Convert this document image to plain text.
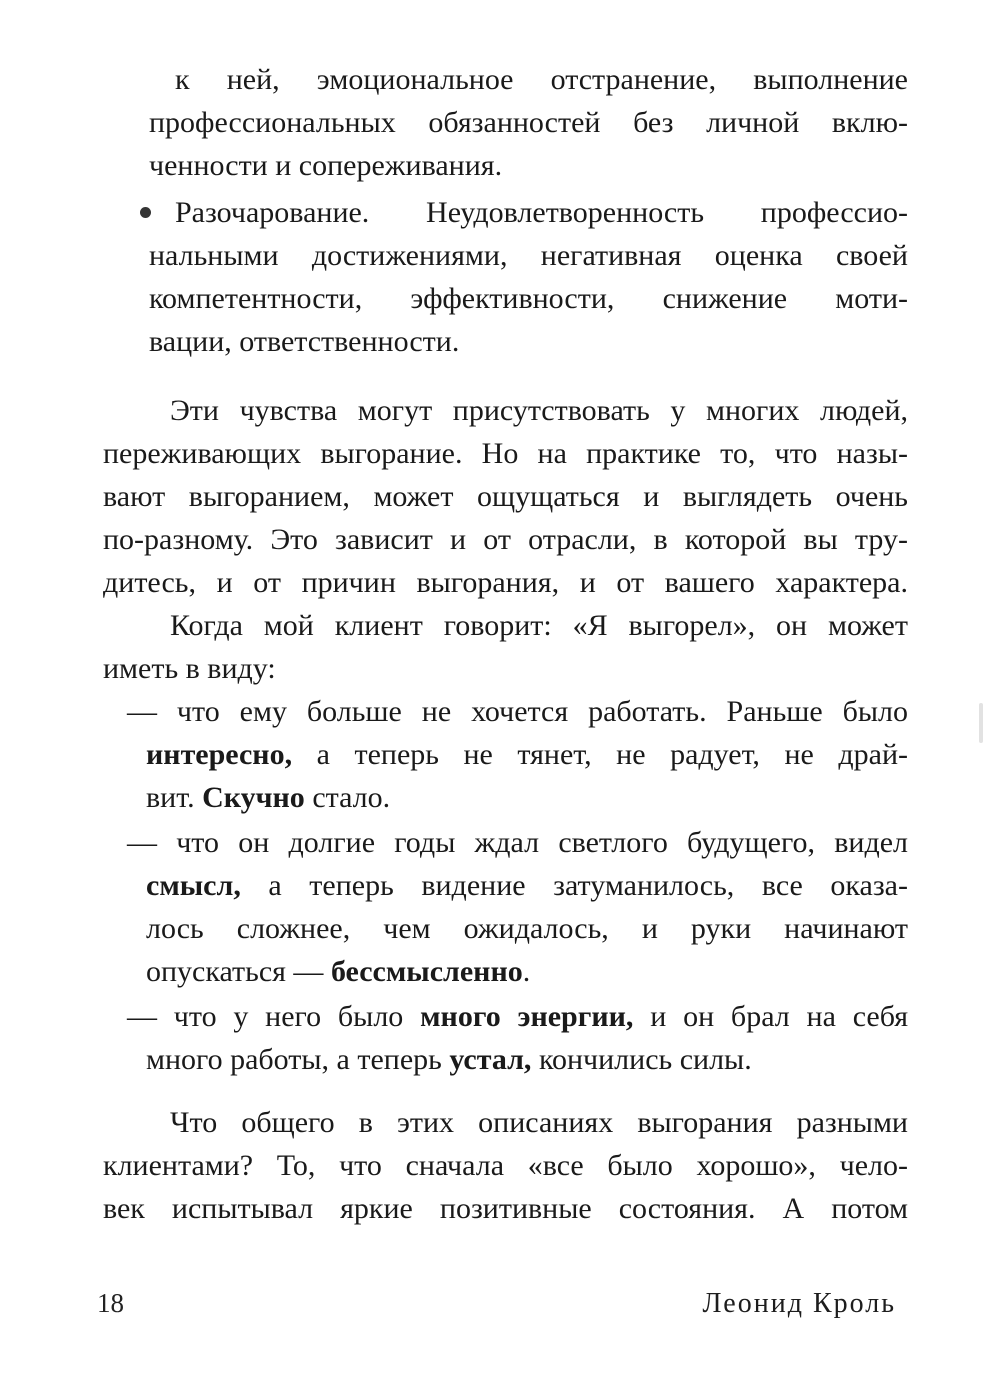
к ней, эмоциональное отстранение, выполнение
профессиональных обязанностей без личной вклю-
ченности и сопереживания.
Разочарование. Неудовлетворенность профессио-
нальными достижениями, негативная оценка своей
компетентности, эффективности, снижение моти-
вации, ответственности.
Эти чувства могут присутствовать у многих людей,
переживающих выгорание. Но на практике то, что назы-
вают выгоранием, может ощущаться и выглядеть очень
по-разному. Это зависит и от отрасли, в которой вы тру-
дитесь, и от причин выгорания, и от вашего характера.
Когда мой клиент говорит: «Я выгорел», он может
иметь в виду:
— что ему больше не хочется работать. Раньше было
интересно, а теперь не тянет, не радует, не драй-
вит. Скучно стало.
— что он долгие годы ждал светлого будущего, видел
смысл, а теперь видение затуманилось, все оказа-
лось сложнее, чем ожидалось, и руки начинают
опускаться — бессмысленно.
— что у него было много энергии, и он брал на себя
много работы, а теперь устал, кончились силы.
Что общего в этих описаниях выгорания разными
клиентами? То, что сначала «все было хорошо», чело-
век испытывал яркие позитивные состояния. А потом
18	Леонид Кроль
